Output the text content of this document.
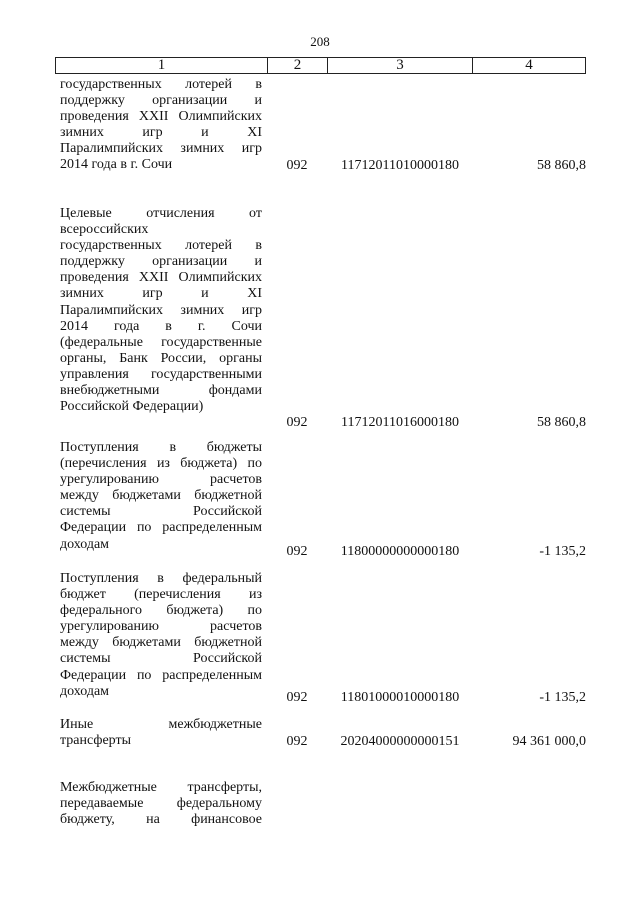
208
1	2	3	4
государственных лотерей в
поддержку организации и
проведения XXII Олимпийских
зимних игр и XI
Паралимпийских зимних игр
2014 года в г. Сочи	092	11712011010000180	58 860,8
Целевые отчисления от
всероссийских
государственных лотерей в
поддержку организации и
проведения XXII Олимпийских
зимних игр и XI
Паралимпийских зимних игр
2014 года в г. Сочи
(федеральные государственные
органы, Банк России, органы
управления государственными
внебюджетными фондами
Российской Федерации)
092	11712011016000180	58 860,8
Поступления в бюджеты
(перечисления из бюджета) по
урегулированию расчетов
между бюджетами бюджетной
системы Российской
Федерации по распределенным
доходам	092	11800000000000180	-1 135,2
Поступления в федеральный
бюджет (перечисления из
федерального бюджета) по
урегулированию расчетов
между бюджетами бюджетной
системы Российской
Федерации по распределенным
доходам	092	11801000010000180	-1 135,2
Иные межбюджетные
трансферты	092	20204000000000151	94 361 000,0
Межбюджетные трансферты,
передаваемые федеральному
бюджету, на финансовое
